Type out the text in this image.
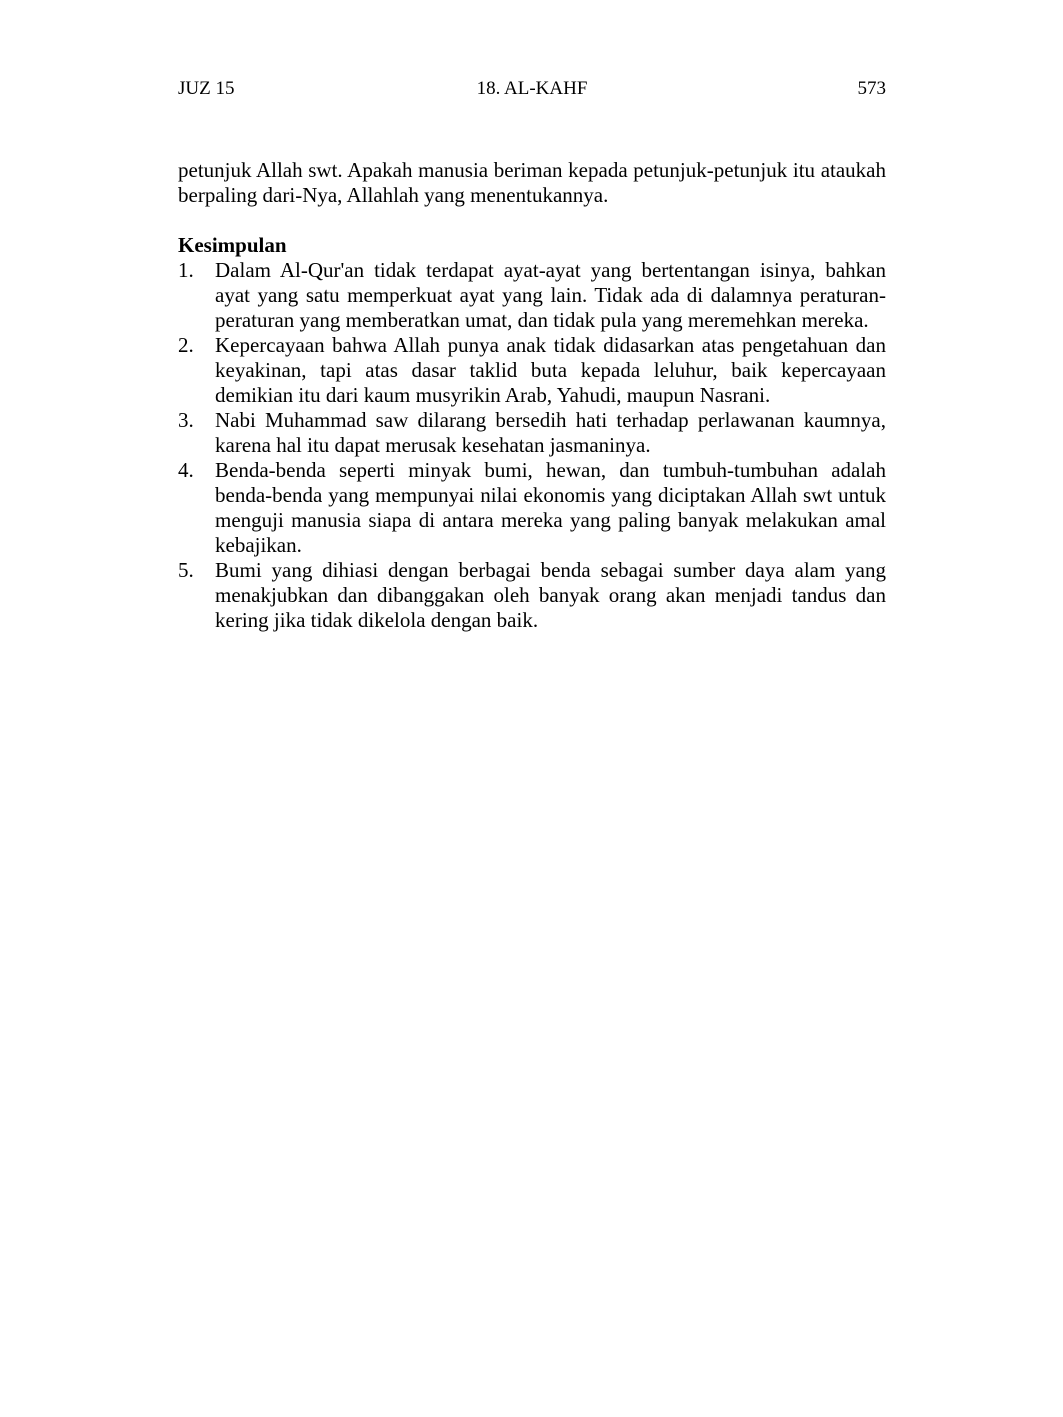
JUZ 15	18. AL-KAHF	573

petunjuk Allah swt. Apakah manusia beriman kepada petunjuk-petunjuk itu ataukah berpaling dari-Nya, Allahlah yang menentukannya.

Kesimpulan
1. Dalam Al-Qur'an tidak terdapat ayat-ayat yang bertentangan isinya, bahkan ayat yang satu memperkuat ayat yang lain. Tidak ada di dalamnya peraturan-peraturan yang memberatkan umat, dan tidak pula yang meremehkan mereka.
2. Kepercayaan bahwa Allah punya anak tidak didasarkan atas pengetahuan dan keyakinan, tapi atas dasar taklid buta kepada leluhur, baik kepercayaan demikian itu dari kaum musyrikin Arab, Yahudi, maupun Nasrani.
3. Nabi Muhammad saw dilarang bersedih hati terhadap perlawanan kaumnya, karena hal itu dapat merusak kesehatan jasmaninya.
4. Benda-benda seperti minyak bumi, hewan, dan tumbuh-tumbuhan adalah benda-benda yang mempunyai nilai ekonomis yang diciptakan Allah swt untuk menguji manusia siapa di antara mereka yang paling banyak melakukan amal kebajikan.
5. Bumi yang dihiasi dengan berbagai benda sebagai sumber daya alam yang menakjubkan dan dibanggakan oleh banyak orang akan menjadi tandus dan kering jika tidak dikelola dengan baik.
